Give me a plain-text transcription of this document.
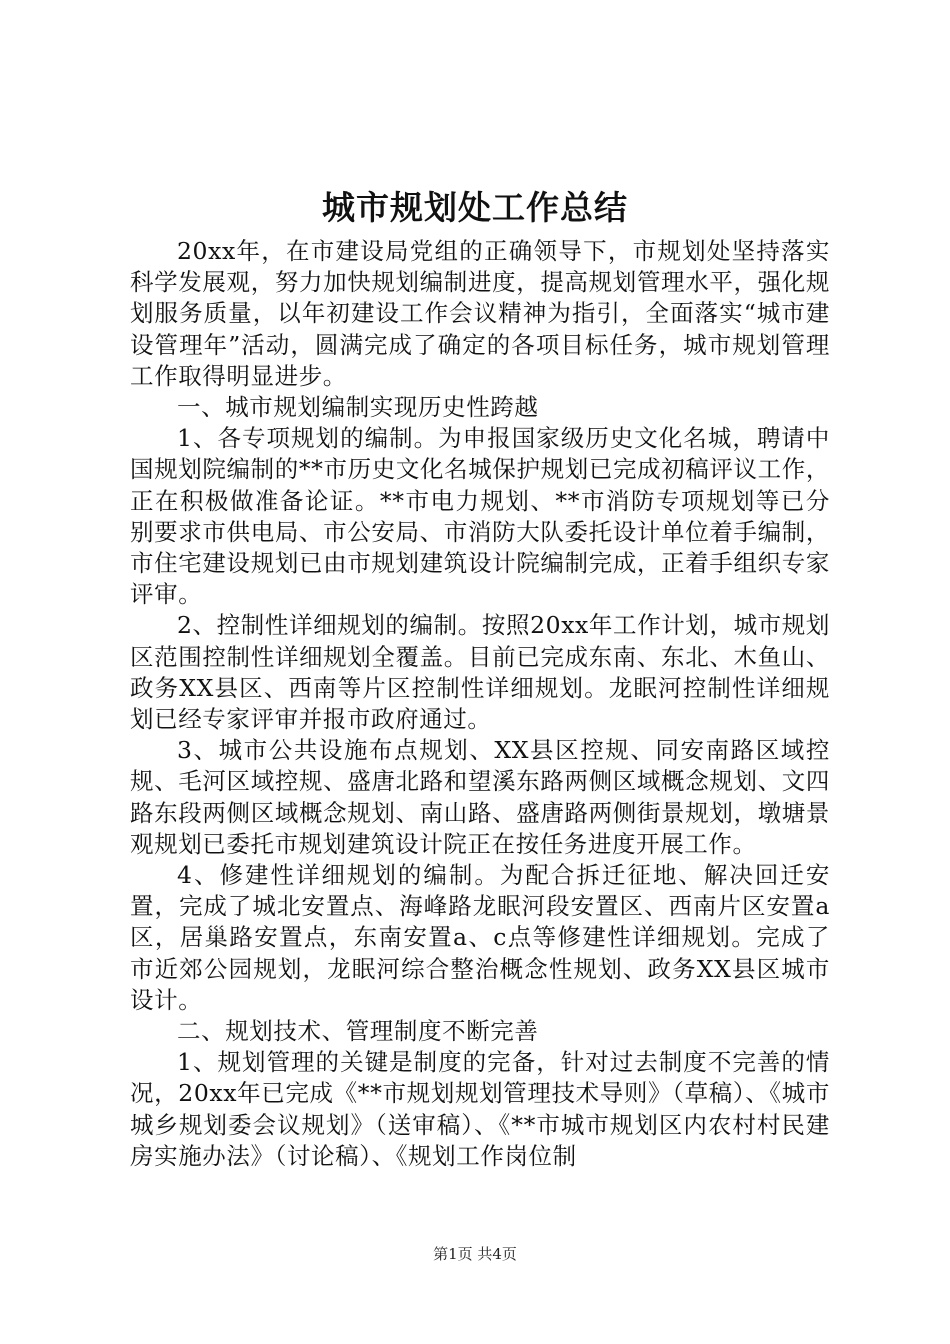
城市规划处工作总结

20xx年，在市建设局党组的正确领导下，市规划处坚持落实科学发展观，努力加快规划编制进度，提高规划管理水平，强化规划服务质量，以年初建设工作会议精神为指引，全面落实“城市建设管理年”活动，圆满完成了确定的各项目标任务，城市规划管理工作取得明显进步。

一、城市规划编制实现历史性跨越

1、各专项规划的编制。为申报国家级历史文化名城，聘请中国规划院编制的**市历史文化名城保护规划已完成初稿评议工作，正在积极做准备论证。**市电力规划、**市消防专项规划等已分别要求市供电局、市公安局、市消防大队委托设计单位着手编制，市住宅建设规划已由市规划建筑设计院编制完成，正着手组织专家评审。

2、控制性详细规划的编制。按照20xx年工作计划，城市规划区范围控制性详细规划全覆盖。目前已完成东南、东北、木鱼山、政务XX县区、西南等片区控制性详细规划。龙眠河控制性详细规划已经专家评审并报市政府通过。

3、城市公共设施布点规划、XX县区控规、同安南路区域控规、毛河区域控规、盛唐北路和望溪东路两侧区域概念规划、文四路东段两侧区域概念规划、南山路、盛唐路两侧街景规划，墩塘景观规划已委托市规划建筑设计院正在按任务进度开展工作。

4、修建性详细规划的编制。为配合拆迁征地、解决回迁安置，完成了城北安置点、海峰路龙眠河段安置区、西南片区安置a区，居巢路安置点，东南安置a、c点等修建性详细规划。完成了市近郊公园规划，龙眠河综合整治概念性规划、政务XX县区城市设计。

二、规划技术、管理制度不断完善

1、规划管理的关键是制度的完备，针对过去制度不完善的情况，20xx年已完成《**市规划规划管理技术导则》（草稿）、《城市城乡规划委会议规划》（送审稿）、《**市城市规划区内农村村民建房实施办法》（讨论稿）、《规划工作岗位制

第1页 共4页
